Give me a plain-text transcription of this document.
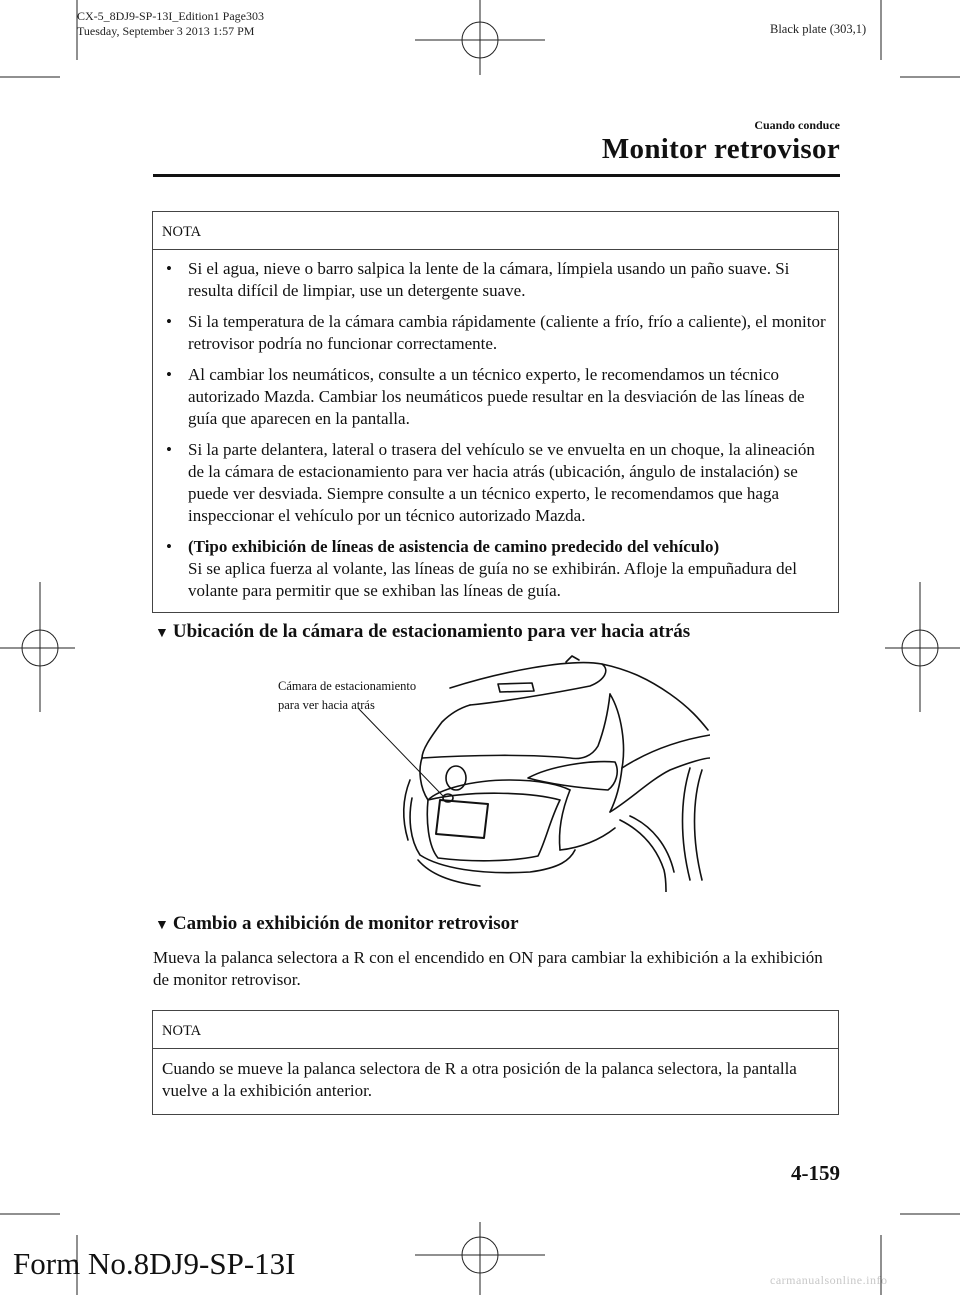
CX-5_8DJ9-SP-13I_Edition1 Page303
Tuesday, September 3 2013 1:57 PM	Black plate (303,1)
Cuando conduce
Monitor retrovisor
NOTA
• Si el agua, nieve o barro salpica la lente de la cámara, límpiela usando un paño suave. Si resulta difícil de limpiar, use un detergente suave.
• Si la temperatura de la cámara cambia rápidamente (caliente a frío, frío a caliente), el monitor retrovisor podría no funcionar correctamente.
• Al cambiar los neumáticos, consulte a un técnico experto, le recomendamos un técnico autorizado Mazda. Cambiar los neumáticos puede resultar en la desviación de las líneas de guía que aparecen en la pantalla.
• Si la parte delantera, lateral o trasera del vehículo se ve envuelta en un choque, la alineación de la cámara de estacionamiento para ver hacia atrás (ubicación, ángulo de instalación) se puede ver desviada. Siempre consulte a un técnico experto, le recomendamos que haga inspeccionar el vehículo por un técnico autorizado Mazda.
• (Tipo exhibición de líneas de asistencia de camino predecido del vehículo)
Si se aplica fuerza al volante, las líneas de guía no se exhibirán. Afloje la empuñadura del volante para permitir que se exhiban las líneas de guía.
▼ Ubicación de la cámara de estacionamiento para ver hacia atrás
Cámara de estacionamiento
para ver hacia atrás
▼ Cambio a exhibición de monitor retrovisor
Mueva la palanca selectora a R con el encendido en ON para cambiar la exhibición a la exhibición de monitor retrovisor.
NOTA
Cuando se mueve la palanca selectora de R a otra posición de la palanca selectora, la pantalla vuelve a la exhibición anterior.
4-159
Form No.8DJ9-SP-13I	carmanualsonline.info
